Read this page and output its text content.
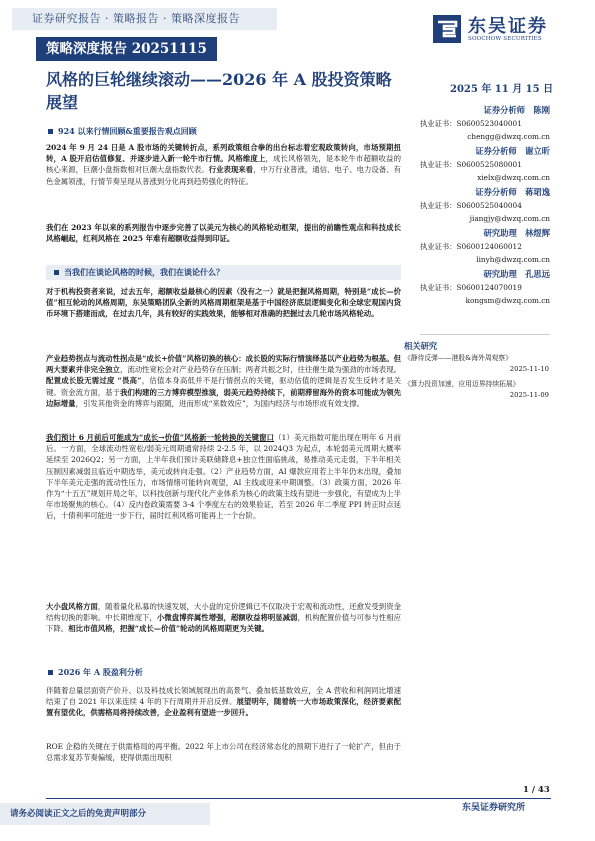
证券研究报告 · 策略报告 · 策略深度报告
策略深度报告 20251115
东吴证券
SOOCHOW SECURITIES
风格的巨轮继续滚动——2026 年 A 股投资策略展望
2025 年 11 月 15 日
924 以来行情回顾&重要报告观点回顾

2024 年 9 月 24 日是 A 股市场的关键转折点，系列政策组合拳的出台标志着宏观政策转向，市场预期扭转，A 股开启估值修复、并逐步进入新一轮牛市行情。风格维度上，成长风格领先，是本轮牛市超额收益的核心来源，巨潮小盘指数相对巨潮大盘指数代表。行业表现来看，中万行业普涨，通信、电子、电力设备、有色金属领涨，行情节奏呈现从普涨到分化再到趋势强化的特征。

我们在 2023 年以来的系列报告中逐步完善了以美元为核心的风格轮动框架，提出的前瞻性观点和科技成长风格崛起，红利风格在 2025 年难有超额收益得到印证。

当我们在谈论风格的时候，我们在谈论什么？

对于机构投资者来说，过去五年，超额收益最核心的因素（没有之一）就是把握风格周期，特别是“成长—价值”相互轮动的风格周期，东吴策略团队全新的风格周期框架是基于中国经济底层逻辑变化和全球宏观国内货币环境下搭建而成，在过去几年，具有较好的实践效果，能够相对准确的把握过去几轮市场风格轮动。

产业趋势拐点与流动性拐点是“成长+价值”风格切换的核心：成长股的实际行情演绎基以产业趋势为根基。但两大要素并非完全独立，流动性宽松会对产业趋势存在压制；两者共振之时，往往催生最为强劲的市场表现。配置成长股无需过度 “畏高”，估值本身高低并不是行情拐点的关键，驱动估值的逻辑是否发生反转才是关键。资金流方面，基于我们构建的三方博弈模型推演，弱美元趋势持续下，前期滞留海外的资本可能成为领先边际增量，引发其他资金的博弈与跟随，进而形成“来数效应”，为国内经济与市场形成有效支撑。

我们预计 6 月前后可能成为“成长→价值”风格新一轮转换的关键窗口（1）美元指数可能出现在明年 6 月前后。一方面，全球流动性宽松/弱美元周期通常持续 2-2.5 年，以 2024Q3 为起点，本轮弱美元周期大概率延续至 2026Q2；另一方面，上半年我们预计美联储降息+独立性面临挑战，易推动美元走弱，下半年相关压制因素减弱且临近中期选举，美元或转向走强。（2）产业趋势方面，AI 爆款应用若上半年仍未出现，叠加下半年美元走强的流动性压力，市场情绪可能转向观望，AI 主线或迎来中期调整。（3）政策方面，2026 年作为“十五五”规划开局之年，以科技创新与现代化产业体系为核心的政策主线有望进一步强化，有望成为上半年市场聚焦的核心。（4）反内卷政策需要 3-4 个季度左右的效果验证，若至 2026 年二季度 PPI 转正时点延后，十债利率可能进一步下行，届时红利风格可能再上一个台阶。

大小盘风格方面，随着量化私募的快速发展，大小盘的定价逻辑已不仅取决于宏观和流动性，还愈发受到资金结构切换的影响。中长期维度下，小微盘博弈属性增强，超额收益将明显减弱，机构配置价值与可参与性相应下降。相比市值风格，把握“成长—价值”轮动的风格周期更为关键。

2026 年 A 股盈利分析

伴随着总量层面资产价升、以及科技成长领域展现出的高景气、叠加低基数效应，全 A 营收和利润同比增速结束了自 2021 年以来连续 4 年的下行周期并开启反弹。展望明年，随着统一大市场政策深化，经济要素配置有望优化，供需格局将持续改善，企业盈利有望进一步回升。

ROE 企稳的关键在于供需格局的再平衡。2022 年上市公司在经济常态化的预期下进行了一轮扩产，但由于总需求复苏节奏偏缓，使得供需出现积

证券分析师　 陈刚
执业证书：S0600523040001
chengg@dwzq.com.cn
证券分析师　 谢立昕
执业证书：S0600525080001
xielx@dwzq.com.cn
证券分析师　 蒋珺逸
执业证书：S0600525040004
jiangjy@dwzq.com.cn
研究助理　 林煜辉
执业证书：S0600124060012
linyh@dwzq.com.cn
研究助理　 孔思远
执业证书：S0600124070019
kongsm@dwzq.com.cn
相关研究
《静待反弹——港股&海外周观察》
2025-11-10
《算力投资加速，应用迈界持续拓展》
2025-11-09
1 / 43
东吴证券研究所
请务必阅读正文之后的免责声明部分
